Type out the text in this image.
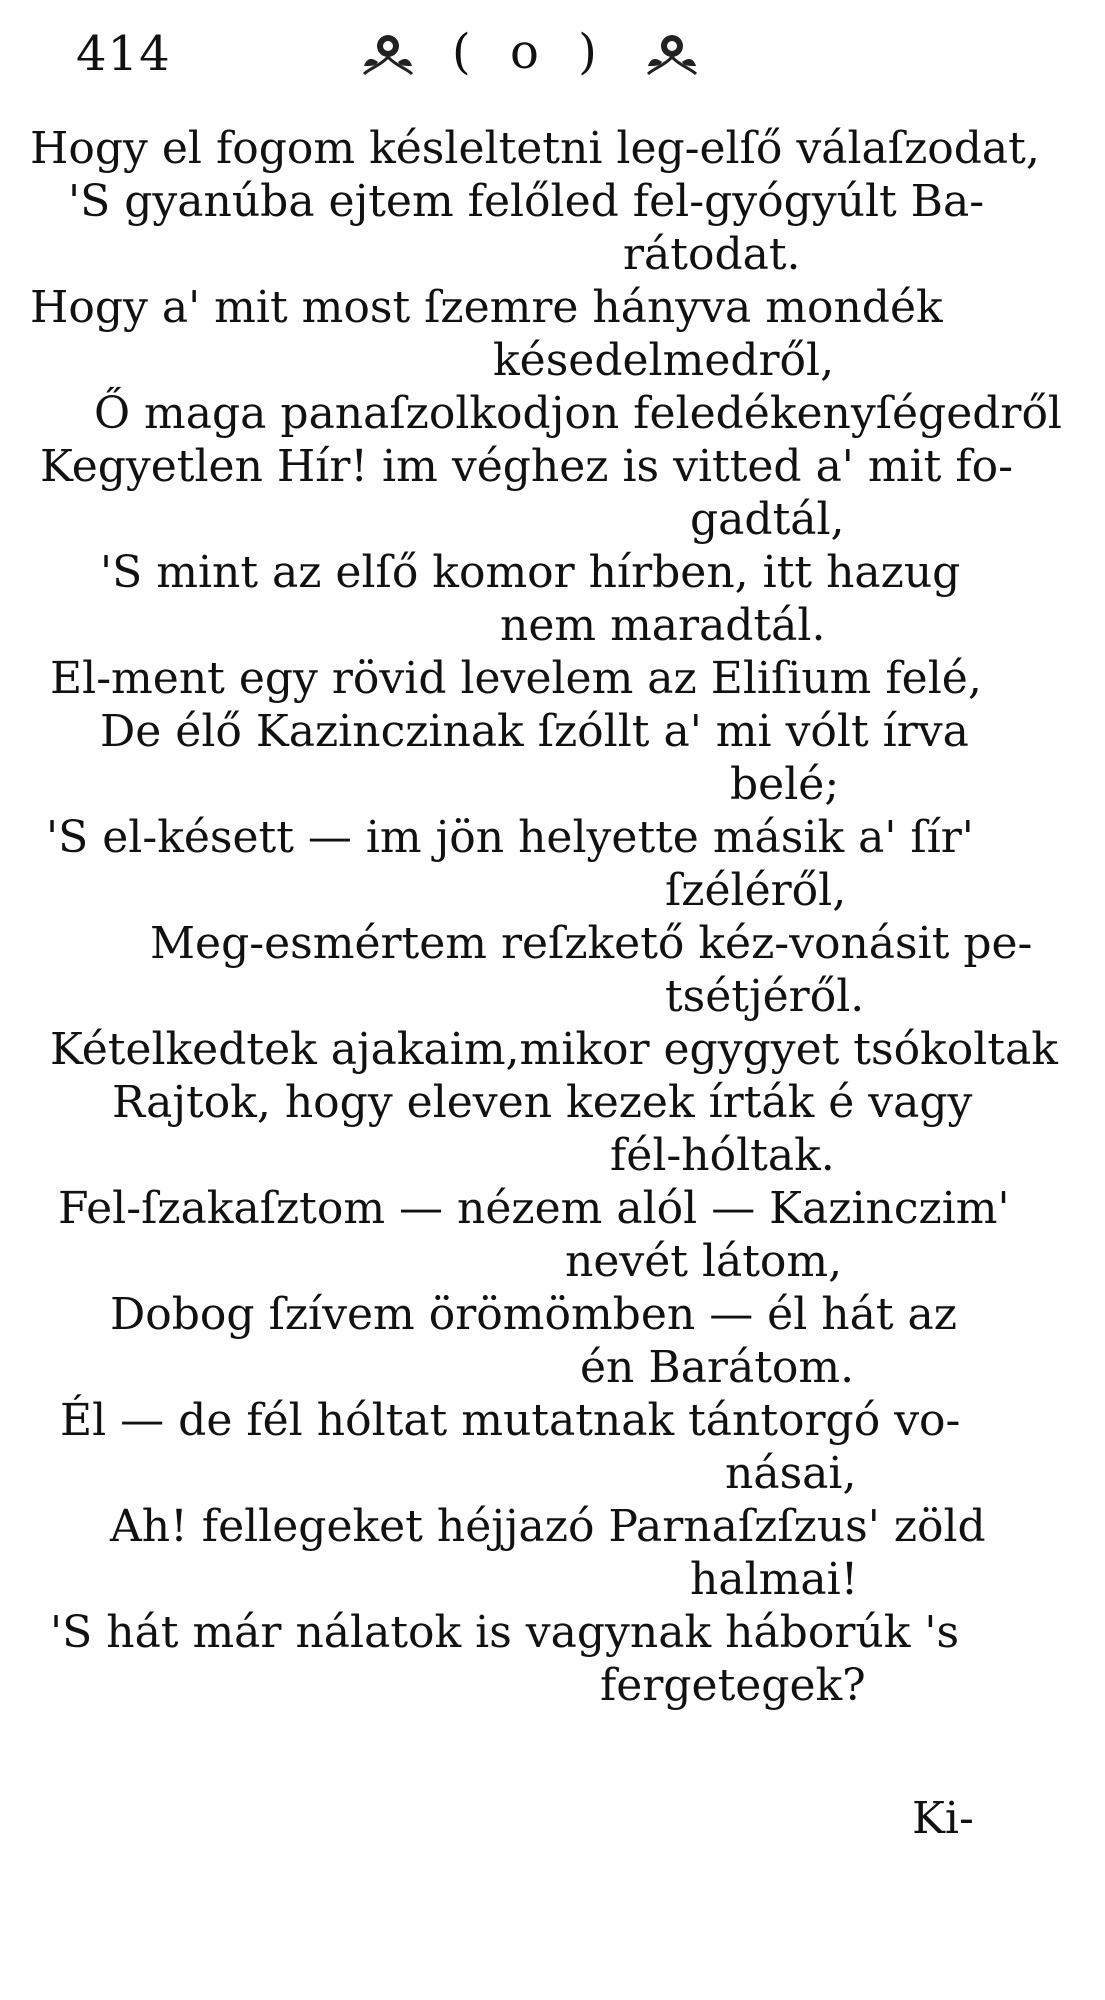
414	( o )
Hogy el fogom késleltetni leg-elſő válaſzodat,
'S gyanúba ejtem felőled fel-gyógyúlt Ba-
rátodat.
Hogy a' mit most ſzemre hányva mondék
késedelmedről,
Ő maga panaſzolkodjon feledékenyſégedről
Kegyetlen Hír! im véghez is vitted a' mit fo-
gadtál,
'S mint az elſő komor hírben, itt hazug
nem maradtál.
El-ment egy rövid levelem az Eliſium felé,
De élő Kazinczinak ſzóllt a' mi vólt írva
belé;
'S el-késett — im jön helyette másik a' ſír'
ſzéléről,
Meg-esmértem reſzkető kéz-vonásit pe-
tsétjéről.
Kételkedtek ajakaim,mikor egygyet tsókoltak
Rajtok, hogy eleven kezek írták é vagy
fél-hóltak.
Fel-ſzakaſztom — nézem alól — Kazinczim'
nevét látom,
Dobog ſzívem örömömben — él hát az
én Barátom.
Él — de fél hóltat mutatnak tántorgó vo-
násai,
Ah! fellegeket héjjazó Parnaſzſzus' zöld
halmai!
'S hát már nálatok is vagynak háborúk 's
fergetegek?
Ki-
